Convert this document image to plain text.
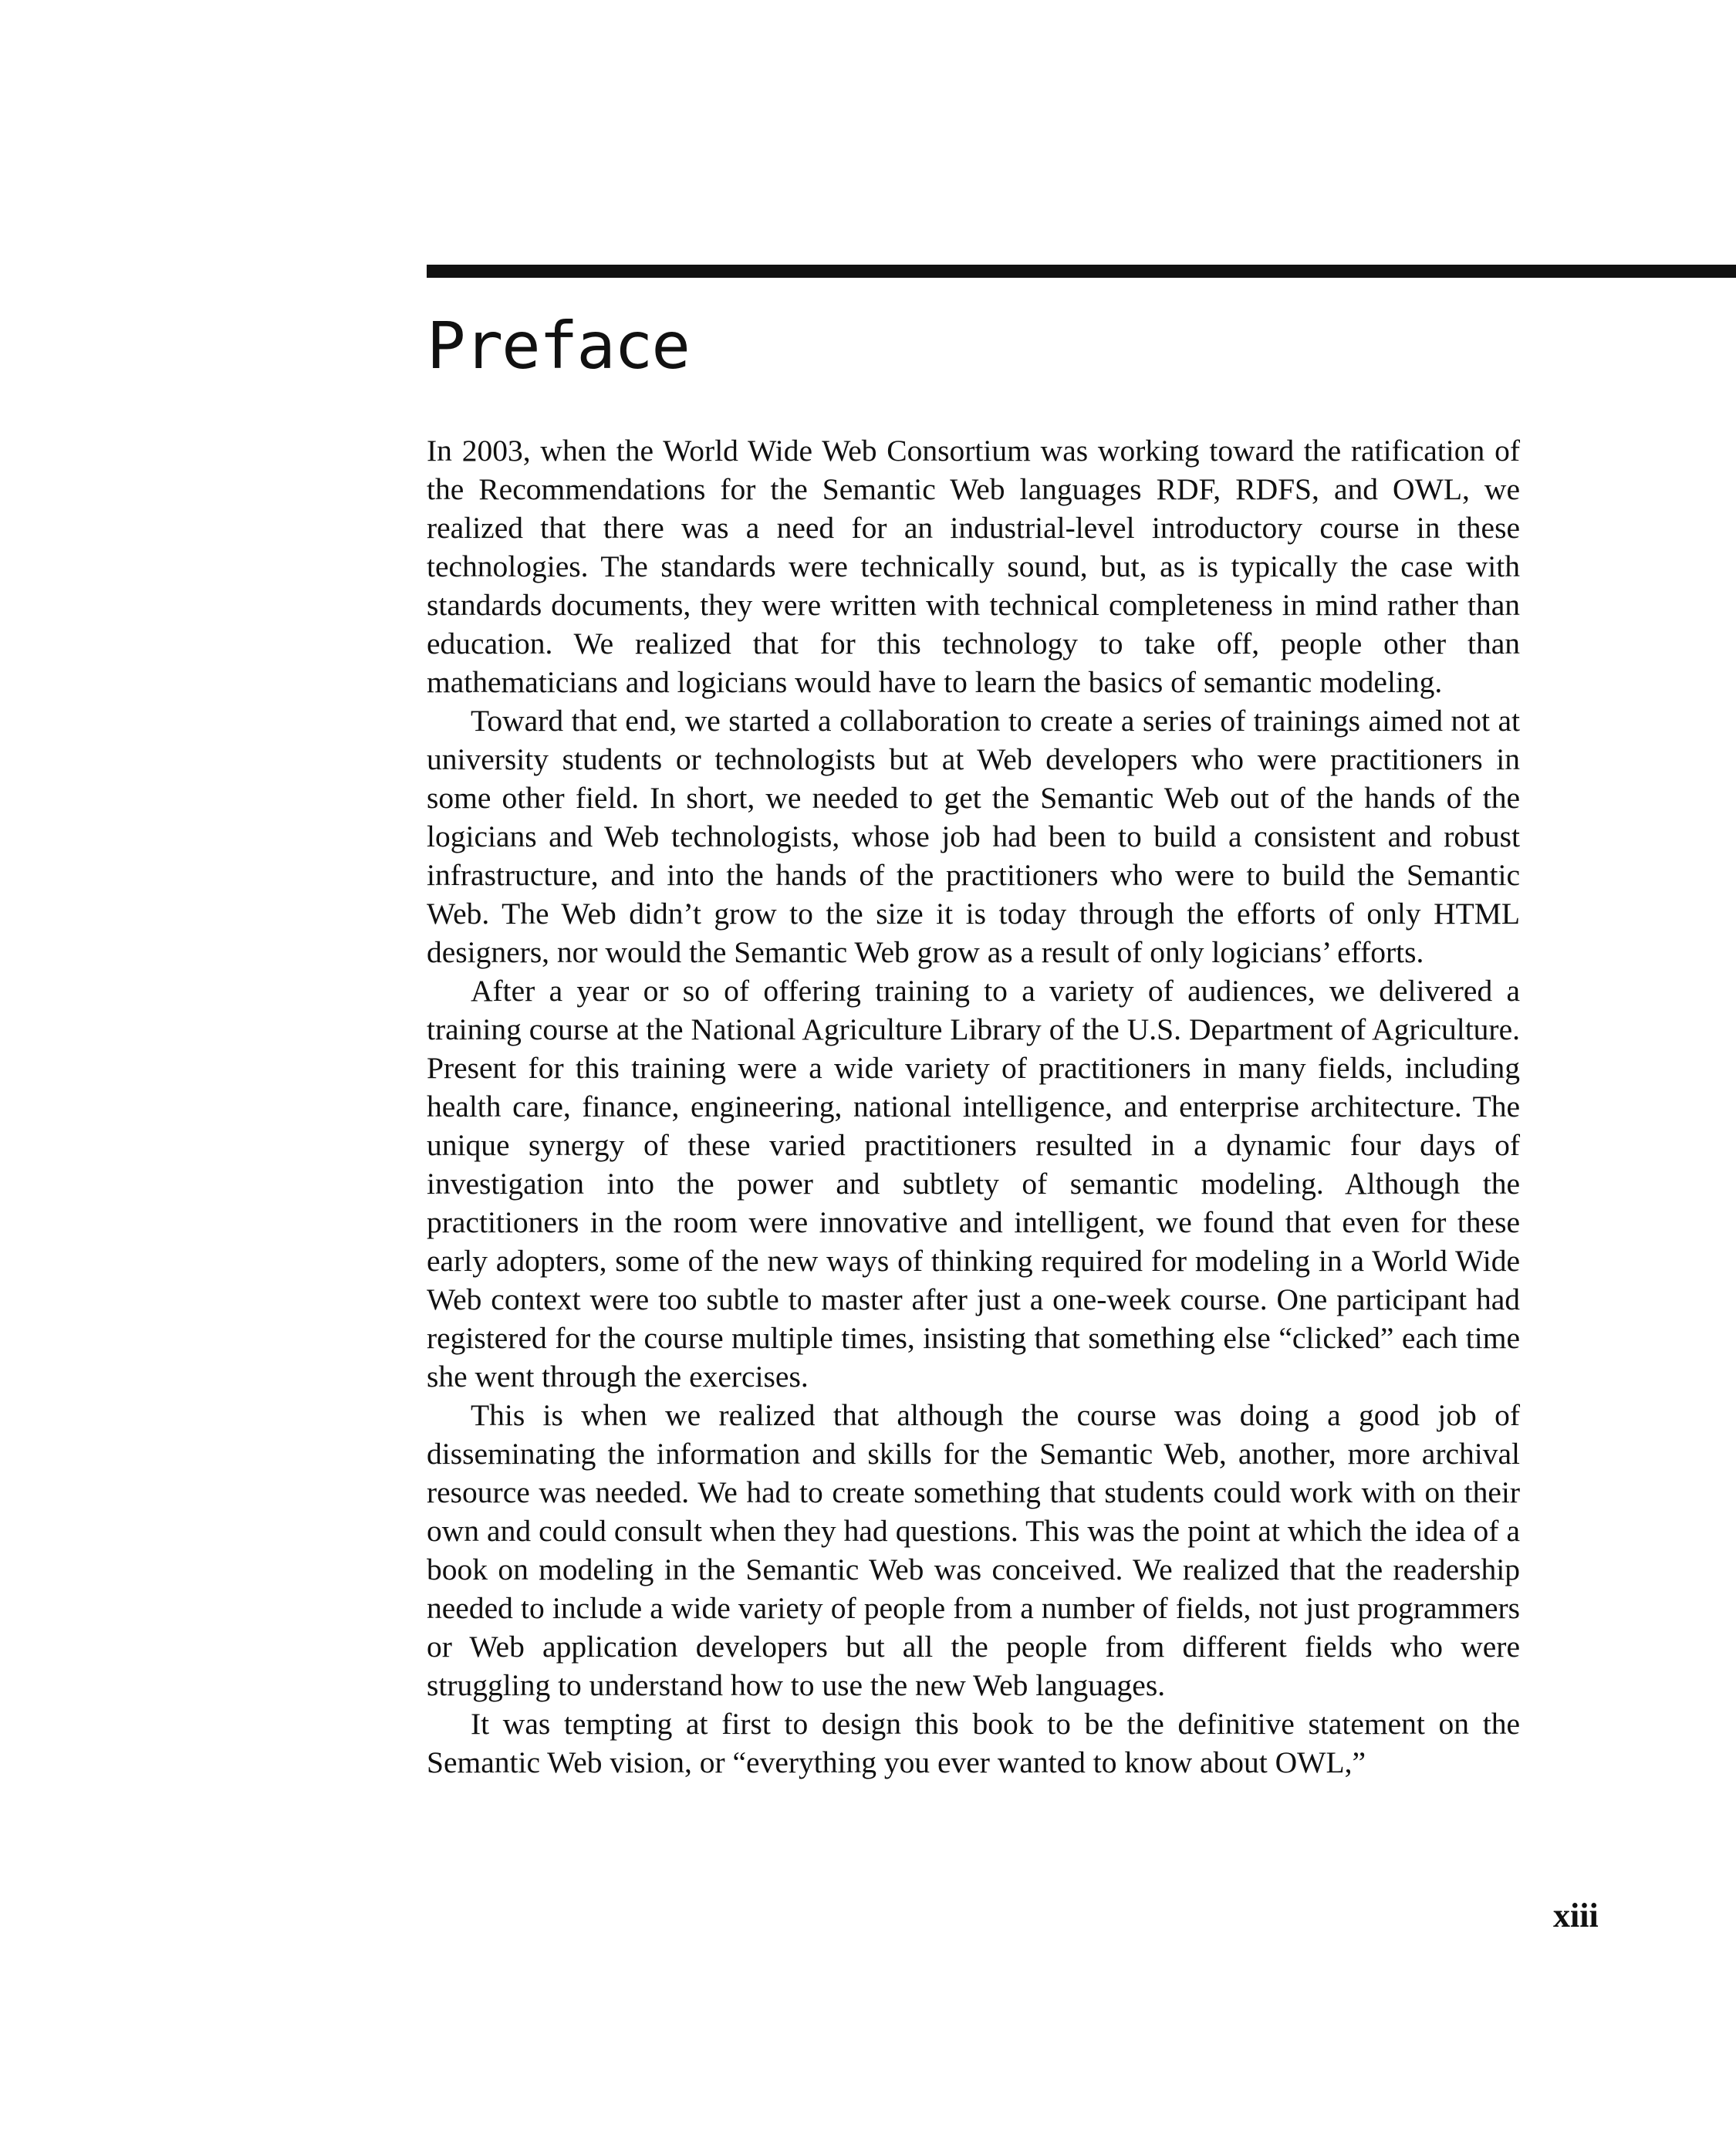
Preface

In 2003, when the World Wide Web Consortium was working toward the ratification of the Recommendations for the Semantic Web languages RDF, RDFS, and OWL, we realized that there was a need for an industrial-level introductory course in these technologies. The standards were technically sound, but, as is typically the case with standards documents, they were written with technical completeness in mind rather than education. We realized that for this technology to take off, people other than mathematicians and logicians would have to learn the basics of semantic modeling.

Toward that end, we started a collaboration to create a series of trainings aimed not at university students or technologists but at Web developers who were practitioners in some other field. In short, we needed to get the Semantic Web out of the hands of the logicians and Web technologists, whose job had been to build a consistent and robust infrastructure, and into the hands of the practitioners who were to build the Semantic Web. The Web didn’t grow to the size it is today through the efforts of only HTML designers, nor would the Semantic Web grow as a result of only logicians’ efforts.

After a year or so of offering training to a variety of audiences, we delivered a training course at the National Agriculture Library of the U.S. Department of Agriculture. Present for this training were a wide variety of practitioners in many fields, including health care, finance, engineering, national intelligence, and enterprise architecture. The unique synergy of these varied practitioners resulted in a dynamic four days of investigation into the power and subtlety of semantic modeling. Although the practitioners in the room were innovative and intelligent, we found that even for these early adopters, some of the new ways of thinking required for modeling in a World Wide Web context were too subtle to master after just a one-week course. One participant had registered for the course multiple times, insisting that something else “clicked” each time she went through the exercises.

This is when we realized that although the course was doing a good job of disseminating the information and skills for the Semantic Web, another, more archival resource was needed. We had to create something that students could work with on their own and could consult when they had questions. This was the point at which the idea of a book on modeling in the Semantic Web was conceived. We realized that the readership needed to include a wide variety of people from a number of fields, not just programmers or Web application developers but all the people from different fields who were struggling to understand how to use the new Web languages.

It was tempting at first to design this book to be the definitive statement on the Semantic Web vision, or “everything you ever wanted to know about OWL,”

xiii
